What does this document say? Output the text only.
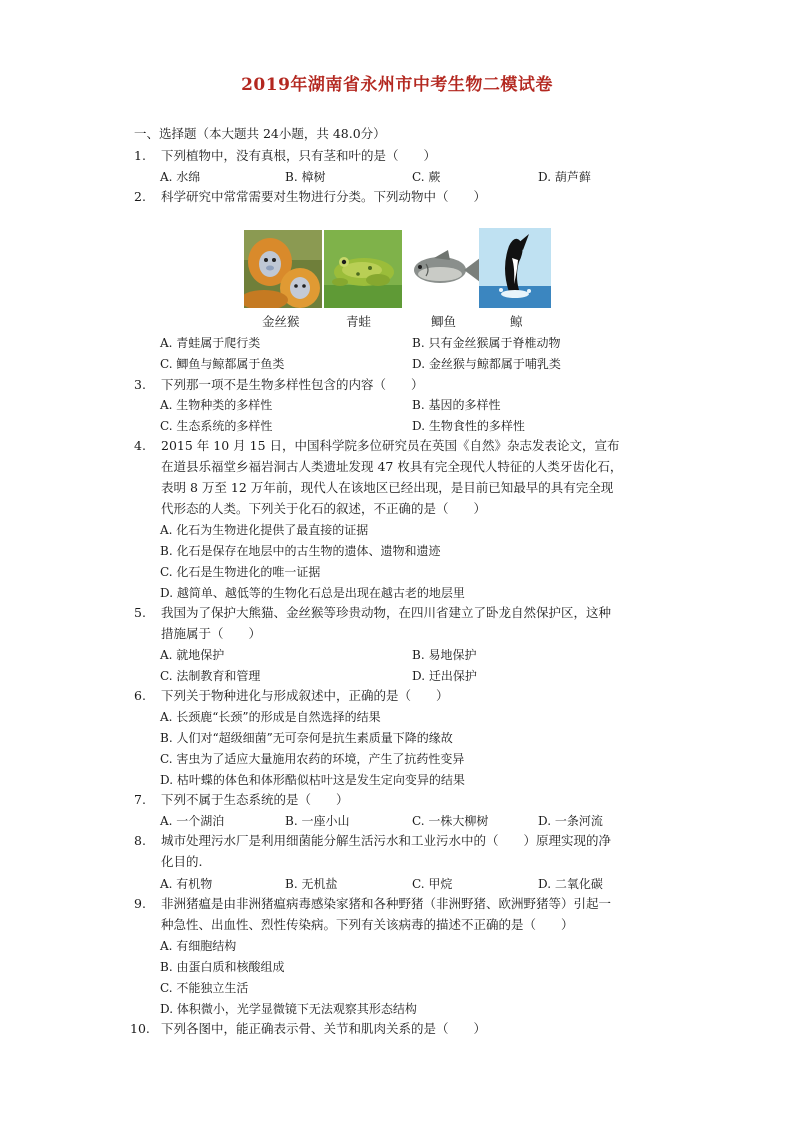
2019年湖南省永州市中考生物二模试卷
一、选择题（本大题共 24小题，共 48.0分）
1. 下列植物中，没有真根，只有茎和叶的是（　　）
A. 水绵	B. 樟树	C. 蕨	D. 葫芦藓
2. 科学研究中常常需要对生物进行分类。下列动物中（　　）
金丝猴	青蛙	鲫鱼	鲸
A. 青蛙属于爬行类	B. 只有金丝猴属于脊椎动物
C. 鲫鱼与鲸都属于鱼类	D. 金丝猴与鲸都属于哺乳类
3. 下列那一项不是生物多样性包含的内容（　　）
A. 生物种类的多样性	B. 基因的多样性
C. 生态系统的多样性	D. 生物食性的多样性
4. 2015 年 10 月 15 日，中国科学院多位研究员在英国《自然》杂志发表论文，宣布
在道县乐福堂乡福岩洞古人类遗址发现 47 枚具有完全现代人特征的人类牙齿化石，
表明 8 万至 12 万年前，现代人在该地区已经出现，是目前已知最早的具有完全现
代形态的人类。下列关于化石的叙述，不正确的是（　　）
A. 化石为生物进化提供了最直接的证据
B. 化石是保存在地层中的古生物的遗体、遗物和遗迹
C. 化石是生物进化的唯一证据
D. 越简单、越低等的生物化石总是出现在越古老的地层里
5. 我国为了保护大熊猫、金丝猴等珍贵动物，在四川省建立了卧龙自然保护区，这种
措施属于（　　）
A. 就地保护	B. 易地保护
C. 法制教育和管理	D. 迁出保护
6. 下列关于物种进化与形成叙述中，正确的是（　　）
A. 长颈鹿“长颈”的形成是自然选择的结果
B. 人们对“超级细菌”无可奈何是抗生素质量下降的缘故
C. 害虫为了适应大量施用农药的环境，产生了抗药性变异
D. 枯叶蝶的体色和体形酷似枯叶这是发生定向变异的结果
7. 下列不属于生态系统的是（　　）
A. 一个湖泊	B. 一座小山	C. 一株大柳树	D. 一条河流
8. 城市处理污水厂是利用细菌能分解生活污水和工业污水中的（　　）原理实现的净
化目的.
A. 有机物	B. 无机盐	C. 甲烷	D. 二氧化碳
9. 非洲猪瘟是由非洲猪瘟病毒感染家猪和各种野猪（非洲野猪、欧洲野猪等）引起一
种急性、出血性、烈性传染病。下列有关该病毒的描述不正确的是（　　）
A. 有细胞结构
B. 由蛋白质和核酸组成
C. 不能独立生活
D. 体积微小，光学显微镜下无法观察其形态结构
10. 下列各图中，能正确表示骨、关节和肌肉关系的是（　　）
